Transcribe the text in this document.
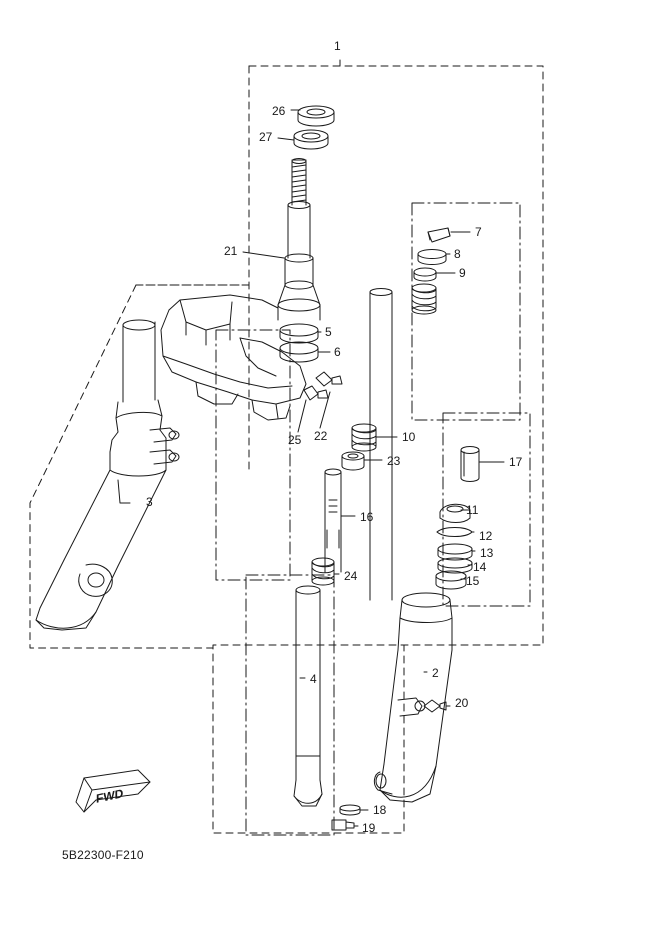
1
26
27
7
8
9
21
5
6
25 22	10
17
23
3
11
12
13
14
15
16
24
2
4
20
18
19
FWD
5B22300-F210
